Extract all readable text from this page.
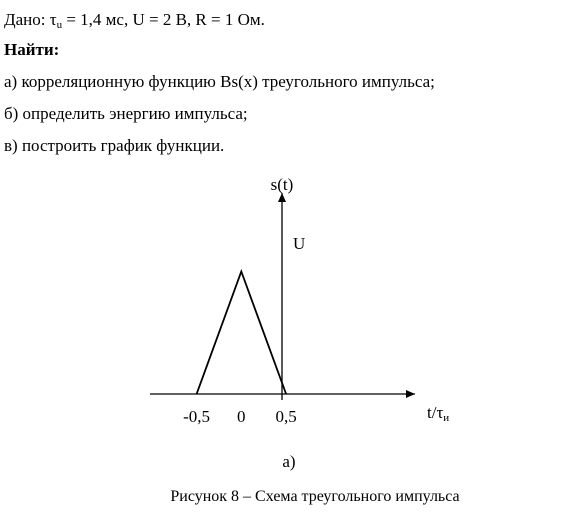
Дано: $\tau_u = 1,4$ мс, U = 2 В, R = 1 Ом.
Найти:
а) корреляционную функцию Bs(x) треугольного импульса;
б) определить энергию импульса;
в) построить график функции.
-0,5 0 0,5
s(t)
U
t/τи
а)
Рисунок 8 – Схема треугольного импульса
